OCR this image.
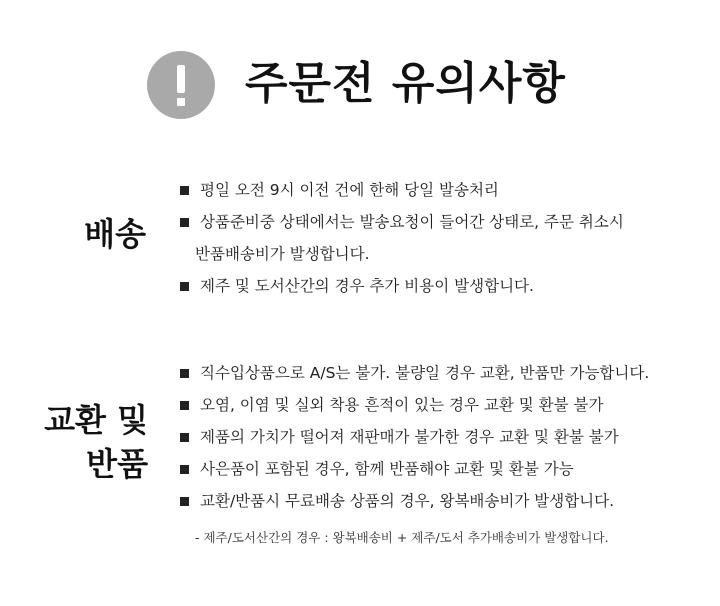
주문전 유의사항
배송
평일 오전 9시 이전 건에 한해 당일 발송처리
상품준비중 상태에서는 발송요청이 들어간 상태로, 주문 취소시
반품배송비가 발생합니다.
제주 및 도서산간의 경우 추가 비용이 발생합니다.
교환 및
반품
직수입상품으로 A/S는 불가. 불량일 경우 교환, 반품만 가능합니다.
오염, 이염 및 실외 착용 흔적이 있는 경우 교환 및 환불 불가
제품의 가치가 떨어져 재판매가 불가한 경우 교환 및 환불 불가
사은품이 포함된 경우, 함께 반품해야 교환 및 환불 가능
교환/반품시 무료배송 상품의 경우, 왕복배송비가 발생합니다.

- 제주/도서산간의 경우 : 왕복배송비 + 제주/도서 추가배송비가 발생합니다.
